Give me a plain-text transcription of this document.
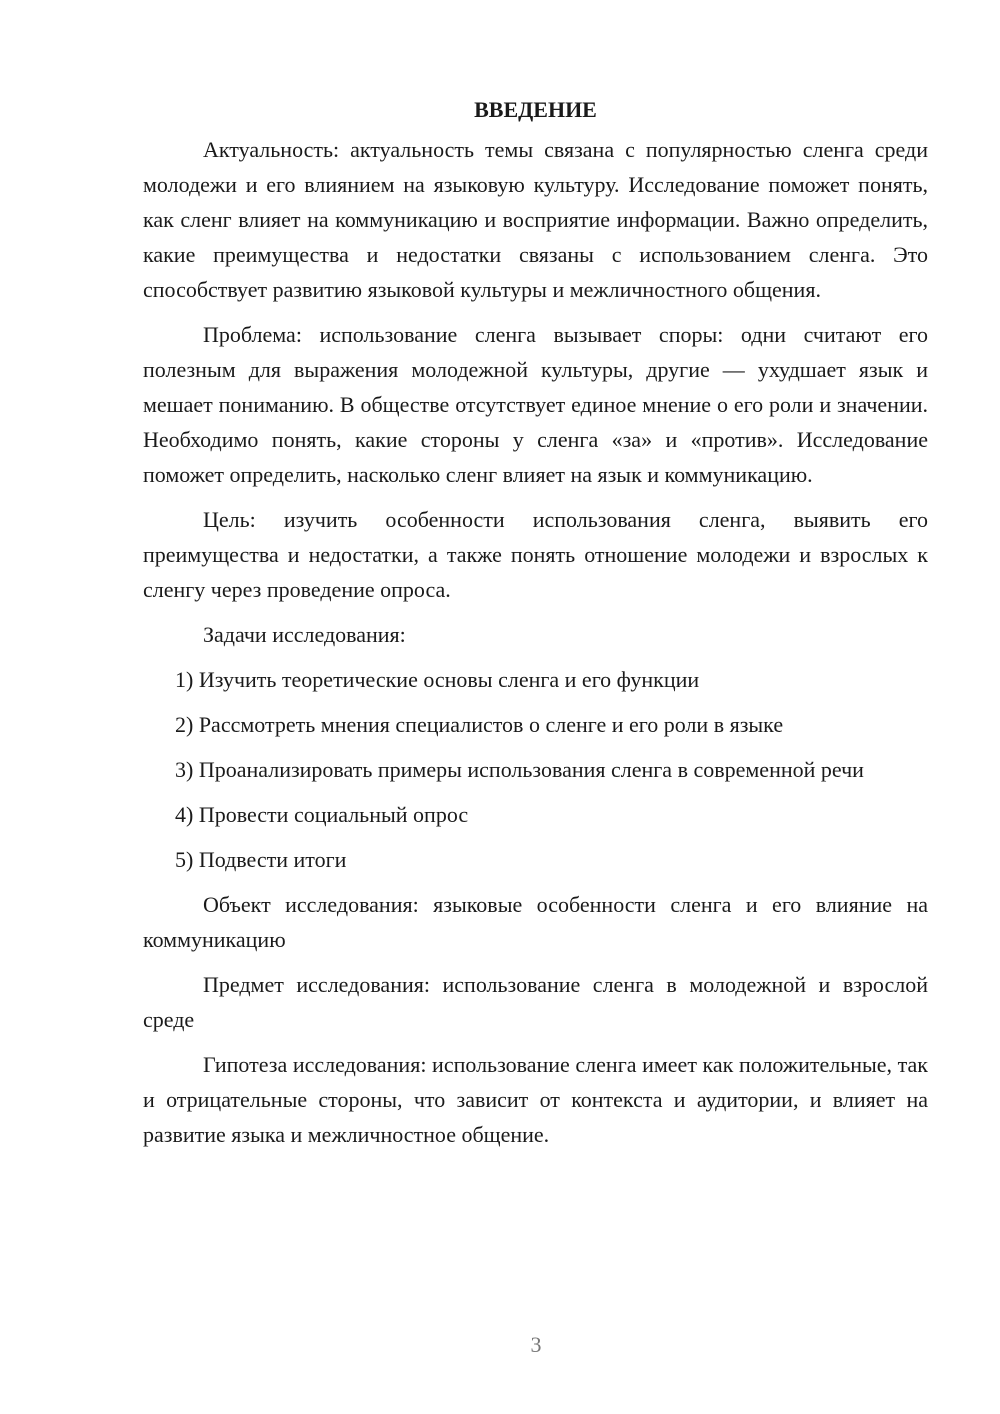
ВВЕДЕНИЕ

Актуальность: актуальность темы связана с популярностью сленга среди молодежи и его влиянием на языковую культуру. Исследование поможет понять, как сленг влияет на коммуникацию и восприятие информации. Важно определить, какие преимущества и недостатки связаны с использованием сленга. Это способствует развитию языковой культуры и межличностного общения.

Проблема: использование сленга вызывает споры: одни считают его полезным для выражения молодежной культуры, другие — ухудшает язык и мешает пониманию. В обществе отсутствует единое мнение о его роли и значении. Необходимо понять, какие стороны у сленга «за» и «против». Исследование поможет определить, насколько сленг влияет на язык и коммуникацию.

Цель: изучить особенности использования сленга, выявить его преимущества и недостатки, а также понять отношение молодежи и взрослых к сленгу через проведение опроса.

Задачи исследования:

1) Изучить теоретические основы сленга и его функции

2) Рассмотреть мнения специалистов о сленге и его роли в языке

3) Проанализировать примеры использования сленга в современной речи

4) Провести социальный опрос

5) Подвести итоги

Объект исследования: языковые особенности сленга и его влияние на коммуникацию

Предмет исследования: использование сленга в молодежной и взрослой среде

Гипотеза исследования: использование сленга имеет как положительные, так и отрицательные стороны, что зависит от контекста и аудитории, и влияет на развитие языка и межличностное общение.

3
